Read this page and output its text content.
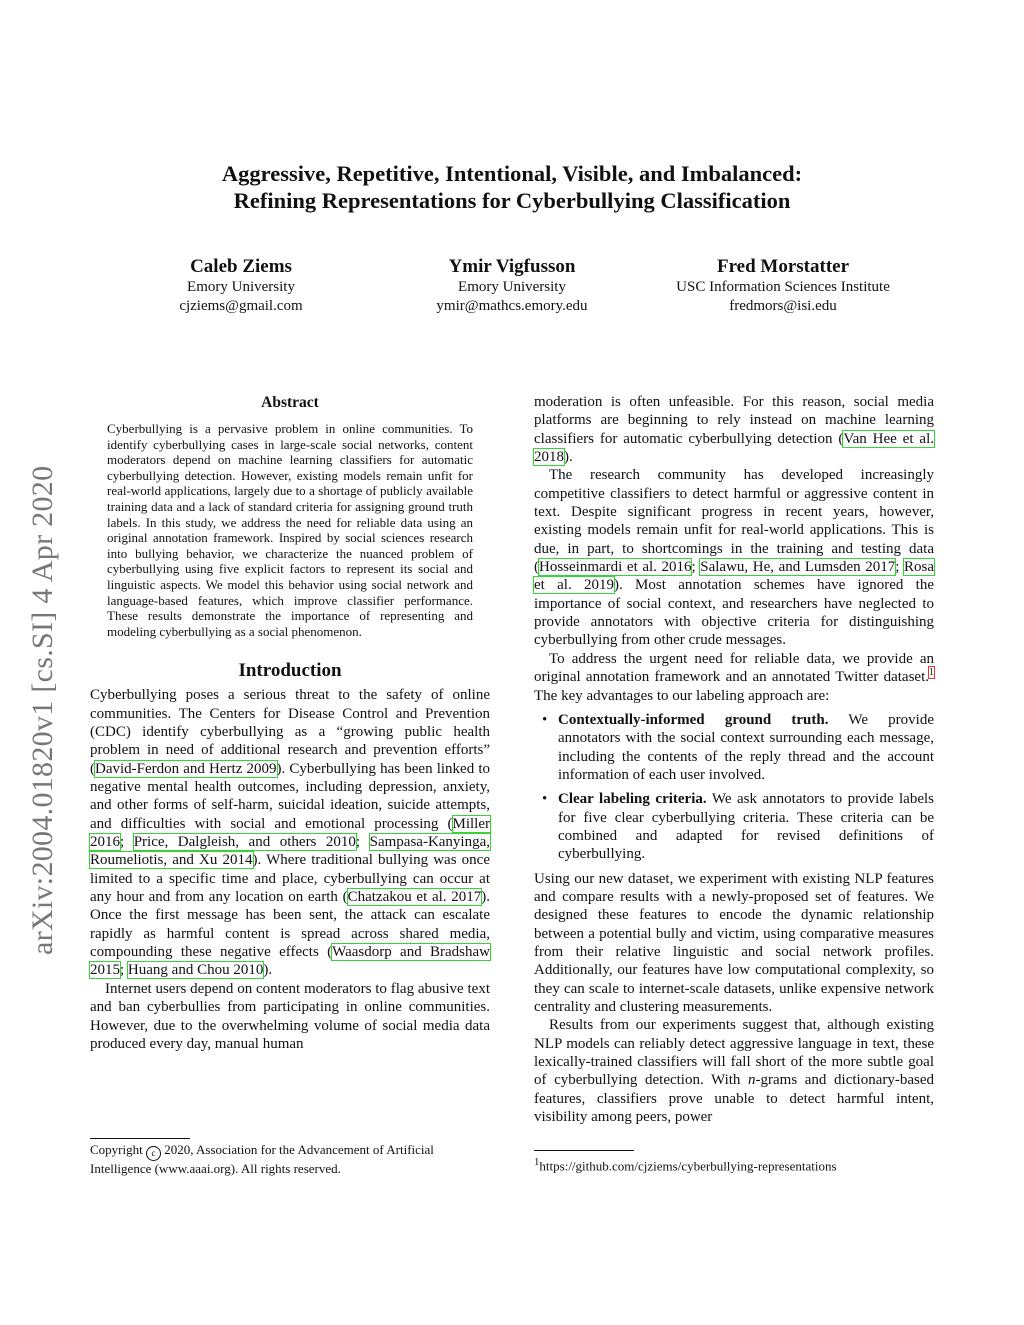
Aggressive, Repetitive, Intentional, Visible, and Imbalanced:
Refining Representations for Cyberbullying Classification
Caleb Ziems
Emory University
cjziems@gmail.com
Ymir Vigfusson
Emory University
ymir@mathcs.emory.edu
Fred Morstatter
USC Information Sciences Institute
fredmors@isi.edu
arXiv:2004.01820v1 [cs.SI] 4 Apr 2020
Abstract
Cyberbullying is a pervasive problem in online communities. To identify cyberbullying cases in large-scale social networks, content moderators depend on machine learning classifiers for automatic cyberbullying detection. However, existing models remain unfit for real-world applications, largely due to a shortage of publicly available training data and a lack of standard criteria for assigning ground truth labels. In this study, we address the need for reliable data using an original annotation framework. Inspired by social sciences research into bullying behavior, we characterize the nuanced problem of cyberbullying using five explicit factors to represent its social and linguistic aspects. We model this behavior using social network and language-based features, which improve classifier performance. These results demonstrate the importance of representing and modeling cyberbullying as a social phenomenon.
Introduction

Cyberbullying poses a serious threat to the safety of online communities. The Centers for Disease Control and Prevention (CDC) identify cyberbullying as a “growing public health problem in need of additional research and prevention efforts” (David-Ferdon and Hertz 2009). Cyberbullying has been linked to negative mental health outcomes, including depression, anxiety, and other forms of self-harm, suicidal ideation, suicide attempts, and difficulties with social and emotional processing (Miller 2016; Price, Dalgleish, and others 2010; Sampasa-Kanyinga, Roumeliotis, and Xu 2014). Where traditional bullying was once limited to a specific time and place, cyberbullying can occur at any hour and from any location on earth (Chatzakou et al. 2017). Once the first message has been sent, the attack can escalate rapidly as harmful content is spread across shared media, compounding these negative effects (Waasdorp and Bradshaw 2015; Huang and Chou 2010).

Internet users depend on content moderators to flag abusive text and ban cyberbullies from participating in online communities. However, due to the overwhelming volume of social media data produced every day, manual human

Copyright c 2020, Association for the Advancement of Artificial Intelligence (www.aaai.org). All rights reserved.

moderation is often unfeasible. For this reason, social media platforms are beginning to rely instead on machine learning classifiers for automatic cyberbullying detection (Van Hee et al. 2018).

The research community has developed increasingly competitive classifiers to detect harmful or aggressive content in text. Despite significant progress in recent years, however, existing models remain unfit for real-world applications. This is due, in part, to shortcomings in the training and testing data (Hosseinmardi et al. 2016; Salawu, He, and Lumsden 2017; Rosa et al. 2019). Most annotation schemes have ignored the importance of social context, and researchers have neglected to provide annotators with objective criteria for distinguishing cyberbullying from other crude messages.

To address the urgent need for reliable data, we provide an original annotation framework and an annotated Twitter dataset.$^1$ The key advantages to our labeling approach are:

• Contextually-informed ground truth. We provide annotators with the social context surrounding each message, including the contents of the reply thread and the account information of each user involved.
• Clear labeling criteria. We ask annotators to provide labels for five clear cyberbullying criteria. These criteria can be combined and adapted for revised definitions of cyberbullying.

Using our new dataset, we experiment with existing NLP features and compare results with a newly-proposed set of features. We designed these features to encode the dynamic relationship between a potential bully and victim, using comparative measures from their relative linguistic and social network profiles. Additionally, our features have low computational complexity, so they can scale to internet-scale datasets, unlike expensive network centrality and clustering measurements.

Results from our experiments suggest that, although existing NLP models can reliably detect aggressive language in text, these lexically-trained classifiers will fall short of the more subtle goal of cyberbullying detection. With n-grams and dictionary-based features, classifiers prove unable to detect harmful intent, visibility among peers, power

$^1$https://github.com/cjziems/cyberbullying-representations
